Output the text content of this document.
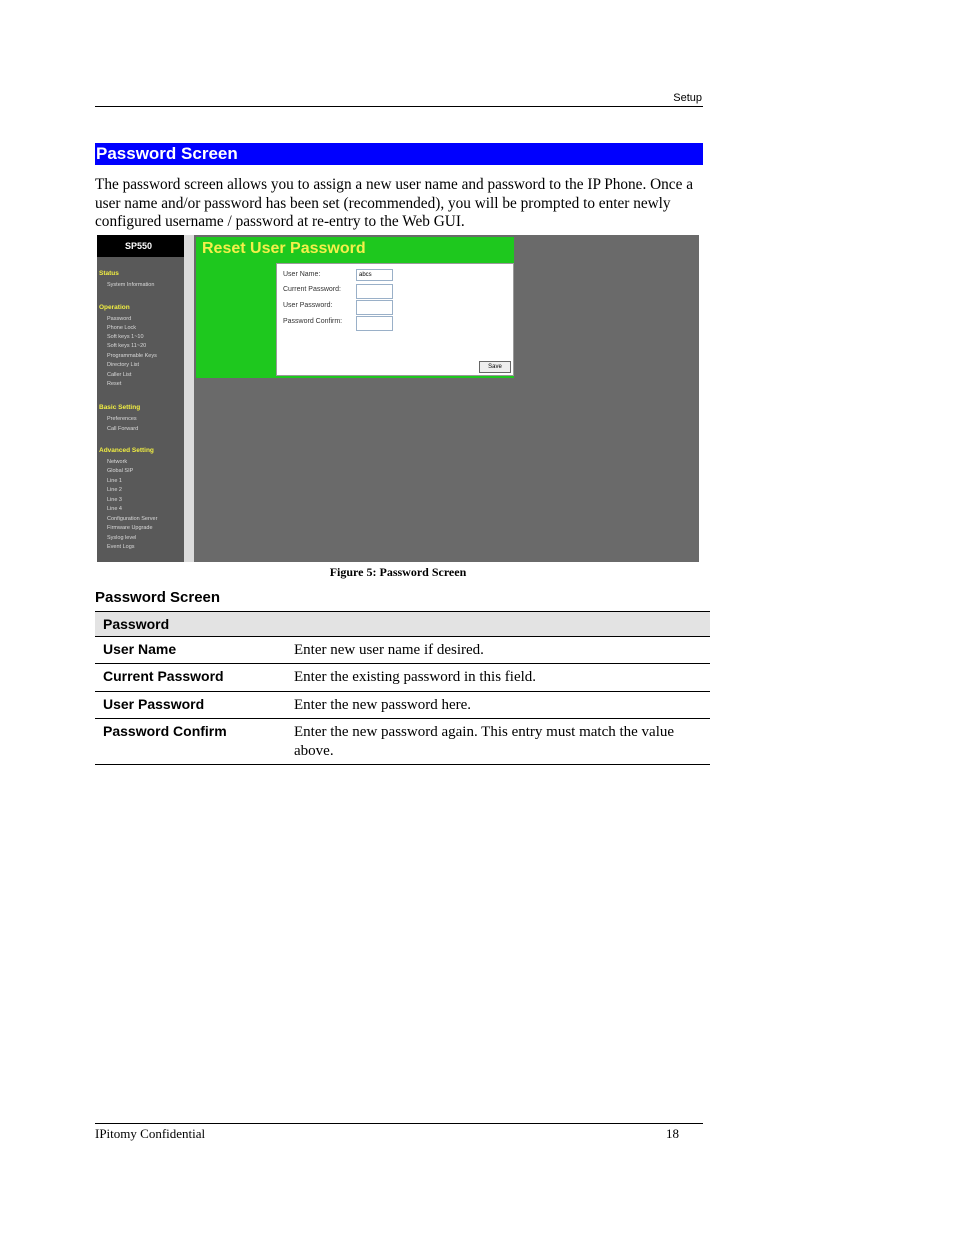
Setup
Password Screen
The password screen allows you to assign a new user name and password to the IP Phone. Once a user name and/or password has been set (recommended), you will be prompted to enter newly configured username / password at re-entry to the Web GUI.
SP550
Status
System Information
Operation
Password
Phone Lock
Soft keys 1~10
Soft keys 11~20
Programmable Keys
Directory List
Caller List
Reset
Basic Setting
Preferences
Call Forward
Advanced Setting
Network
Global SIP
Line 1
Line 2
Line 3
Line 4
Configuration Server
Firmware Upgrade
Syslog level
Event Logs
Reset User Password
User Name:	abcs
Current Password:
User Password:
Password Confirm:
Save
Figure 5: Password Screen
Password Screen
Password
User Name	Enter new user name if desired.
Current Password	Enter the existing password in this field.
User Password	Enter the new password here.
Password Confirm	Enter the new password again. This entry must match the value above.
IPitomy Confidential	18
